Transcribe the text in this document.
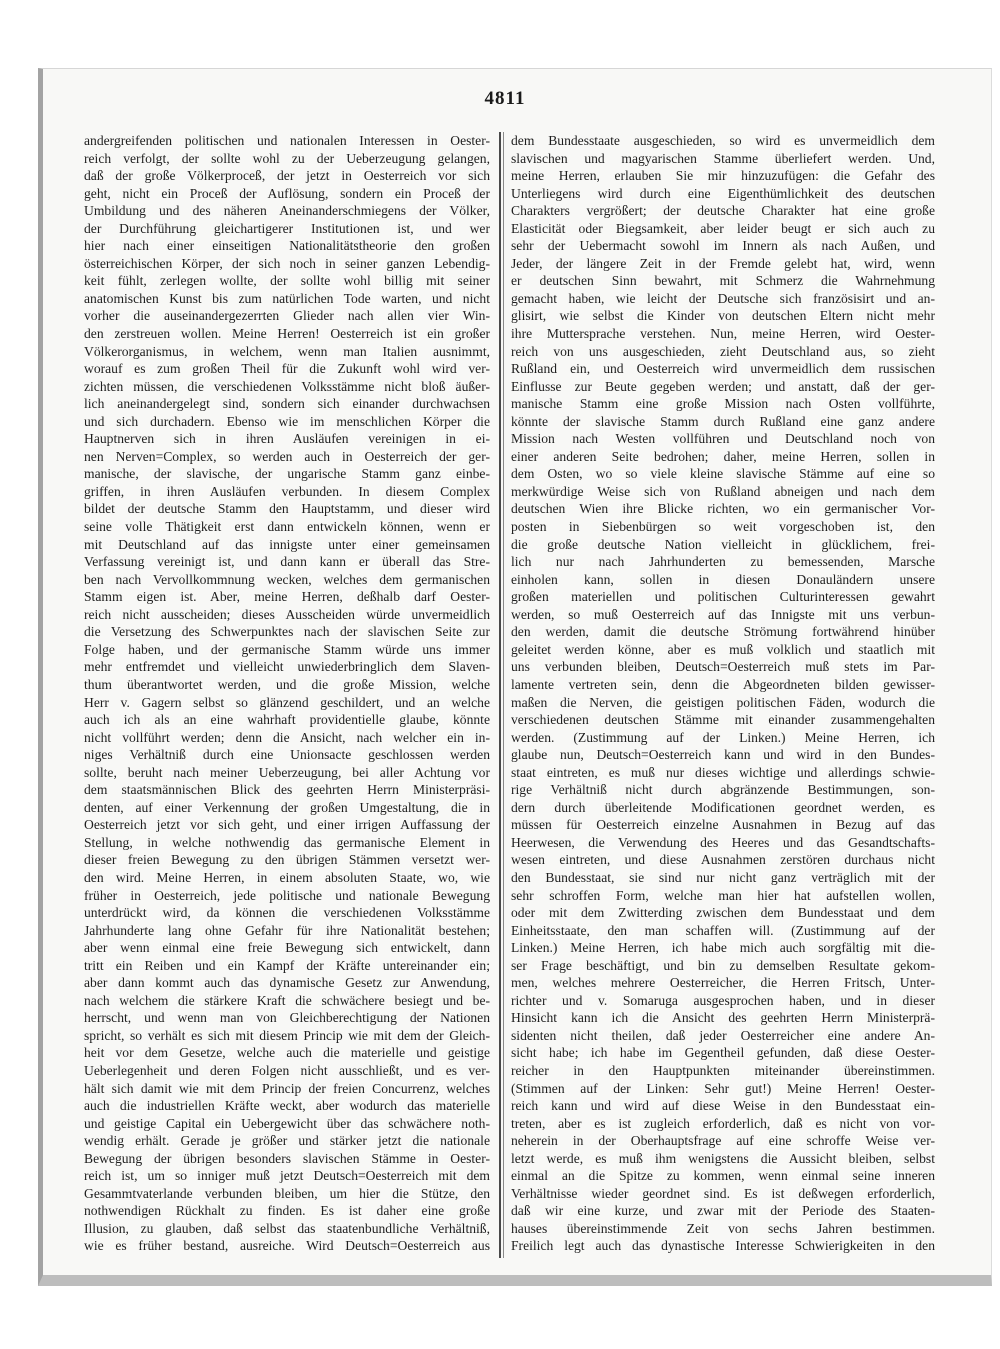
4811
andergreifenden politischen und nationalen Interessen in Oester-
reich verfolgt, der sollte wohl zu der Ueberzeugung gelangen,
daß der große Völkerproceß, der jetzt in Oesterreich vor sich
geht, nicht ein Proceß der Auflösung, sondern ein Proceß der
Umbildung und des näheren Aneinanderschmiegens der Völker,
der Durchführung gleichartigerer Institutionen ist, und wer
hier nach einer einseitigen Nationalitätstheorie den großen
österreichischen Körper, der sich noch in seiner ganzen Lebendig-
keit fühlt, zerlegen wollte, der sollte wohl billig mit seiner
anatomischen Kunst bis zum natürlichen Tode warten, und nicht
vorher die auseinandergezerrten Glieder nach allen vier Win-
den zerstreuen wollen. Meine Herren! Oesterreich ist ein großer
Völkerorganismus, in welchem, wenn man Italien ausnimmt,
worauf es zum großen Theil für die Zukunft wohl wird ver-
zichten müssen, die verschiedenen Volksstämme nicht bloß äußer-
lich aneinandergelegt sind, sondern sich einander durchwachsen
und sich durchadern. Ebenso wie im menschlichen Körper die
Hauptnerven sich in ihren Ausläufen vereinigen in ei-
nen Nerven=Complex, so werden auch in Oesterreich der ger-
manische, der slavische, der ungarische Stamm ganz einbe-
griffen, in ihren Ausläufen verbunden. In diesem Complex
bildet der deutsche Stamm den Hauptstamm, und dieser wird
seine volle Thätigkeit erst dann entwickeln können, wenn er
mit Deutschland auf das innigste unter einer gemeinsamen
Verfassung vereinigt ist, und dann kann er überall das Stre-
ben nach Vervollkommnung wecken, welches dem germanischen
Stamm eigen ist. Aber, meine Herren, deßhalb darf Oester-
reich nicht ausscheiden; dieses Ausscheiden würde unvermeidlich
die Versetzung des Schwerpunktes nach der slavischen Seite zur
Folge haben, und der germanische Stamm würde uns immer
mehr entfremdet und vielleicht unwiederbringlich dem Slaven-
thum überantwortet werden, und die große Mission, welche
Herr v. Gagern selbst so glänzend geschildert, und an welche
auch ich als an eine wahrhaft providentielle glaube, könnte
nicht vollführt werden; denn die Ansicht, nach welcher ein in-
niges Verhältniß durch eine Unionsacte geschlossen werden
sollte, beruht nach meiner Ueberzeugung, bei aller Achtung vor
dem staatsmännischen Blick des geehrten Herrn Ministerpräsi-
denten, auf einer Verkennung der großen Umgestaltung, die in
Oesterreich jetzt vor sich geht, und einer irrigen Auffassung der
Stellung, in welche nothwendig das germanische Element in
dieser freien Bewegung zu den übrigen Stämmen versetzt wer-
den wird. Meine Herren, in einem absoluten Staate, wo, wie
früher in Oesterreich, jede politische und nationale Bewegung
unterdrückt wird, da können die verschiedenen Volksstämme
Jahrhunderte lang ohne Gefahr für ihre Nationalität bestehen;
aber wenn einmal eine freie Bewegung sich entwickelt, dann
tritt ein Reiben und ein Kampf der Kräfte untereinander ein;
aber dann kommt auch das dynamische Gesetz zur Anwendung,
nach welchem die stärkere Kraft die schwächere besiegt und be-
herrscht, und wenn man von Gleichberechtigung der Nationen
spricht, so verhält es sich mit diesem Princip wie mit dem der Gleich-
heit vor dem Gesetze, welche auch die materielle und geistige
Ueberlegenheit und deren Folgen nicht ausschließt, und es ver-
hält sich damit wie mit dem Princip der freien Concurrenz, welches
auch die industriellen Kräfte weckt, aber wodurch das materielle
und geistige Capital ein Uebergewicht über das schwächere noth-
wendig erhält. Gerade je größer und stärker jetzt die nationale
Bewegung der übrigen besonders slavischen Stämme in Oester-
reich ist, um so inniger muß jetzt Deutsch=Oesterreich mit dem
Gesammtvaterlande verbunden bleiben, um hier die Stütze, den
nothwendigen Rückhalt zu finden. Es ist daher eine große
Illusion, zu glauben, daß selbst das staatenbundliche Verhältniß,
wie es früher bestand, ausreiche. Wird Deutsch=Oesterreich aus
dem Bundesstaate ausgeschieden, so wird es unvermeidlich dem
slavischen und magyarischen Stamme überliefert werden. Und,
meine Herren, erlauben Sie mir hinzuzufügen: die Gefahr des
Unterliegens wird durch eine Eigenthümlichkeit des deutschen
Charakters vergrößert; der deutsche Charakter hat eine große
Elasticität oder Biegsamkeit, aber leider beugt er sich auch zu
sehr der Uebermacht sowohl im Innern als nach Außen, und
Jeder, der längere Zeit in der Fremde gelebt hat, wird, wenn
er deutschen Sinn bewahrt, mit Schmerz die Wahrnehmung
gemacht haben, wie leicht der Deutsche sich französisirt und an-
glisirt, wie selbst die Kinder von deutschen Eltern nicht mehr
ihre Muttersprache verstehen. Nun, meine Herren, wird Oester-
reich von uns ausgeschieden, zieht Deutschland aus, so zieht
Rußland ein, und Oesterreich wird unvermeidlich dem russischen
Einflusse zur Beute gegeben werden; und anstatt, daß der ger-
manische Stamm eine große Mission nach Osten vollführte,
könnte der slavische Stamm durch Rußland eine ganz andere
Mission nach Westen vollführen und Deutschland noch von
einer anderen Seite bedrohen; daher, meine Herren, sollen in
dem Osten, wo so viele kleine slavische Stämme auf eine so
merkwürdige Weise sich von Rußland abneigen und nach dem
deutschen Wien ihre Blicke richten, wo ein germanischer Vor-
posten in Siebenbürgen so weit vorgeschoben ist, den
die große deutsche Nation vielleicht in glücklichem, frei-
lich nur nach Jahrhunderten zu bemessenden, Marsche
einholen kann, sollen in diesen Donauländern unsere
großen materiellen und politischen Culturinteressen gewahrt
werden, so muß Oesterreich auf das Innigste mit uns verbun-
den werden, damit die deutsche Strömung fortwährend hinüber
geleitet werden könne, aber es muß volklich und staatlich mit
uns verbunden bleiben, Deutsch=Oesterreich muß stets im Par-
lamente vertreten sein, denn die Abgeordneten bilden gewisser-
maßen die Nerven, die geistigen politischen Fäden, wodurch die
verschiedenen deutschen Stämme mit einander zusammengehalten
werden. (Zustimmung auf der Linken.) Meine Herren, ich
glaube nun, Deutsch=Oesterreich kann und wird in den Bundes-
staat eintreten, es muß nur dieses wichtige und allerdings schwie-
rige Verhältniß nicht durch abgränzende Bestimmungen, son-
dern durch überleitende Modificationen geordnet werden, es
müssen für Oesterreich einzelne Ausnahmen in Bezug auf das
Heerwesen, die Verwendung des Heeres und das Gesandtschafts-
wesen eintreten, und diese Ausnahmen zerstören durchaus nicht
den Bundesstaat, sie sind nur nicht ganz verträglich mit der
sehr schroffen Form, welche man hier hat aufstellen wollen,
oder mit dem Zwitterding zwischen dem Bundesstaat und dem
Einheitsstaate, den man schaffen will. (Zustimmung auf der
Linken.) Meine Herren, ich habe mich auch sorgfältig mit die-
ser Frage beschäftigt, und bin zu demselben Resultate gekom-
men, welches mehrere Oesterreicher, die Herren Fritsch, Unter-
richter und v. Somaruga ausgesprochen haben, und in dieser
Hinsicht kann ich die Ansicht des geehrten Herrn Ministerprä-
sidenten nicht theilen, daß jeder Oesterreicher eine andere An-
sicht habe; ich habe im Gegentheil gefunden, daß diese Oester-
reicher in den Hauptpunkten miteinander übereinstimmen.
(Stimmen auf der Linken: Sehr gut!) Meine Herren! Oester-
reich kann und wird auf diese Weise in den Bundesstaat ein-
treten, aber es ist zugleich erforderlich, daß es nicht von vor-
neherein in der Oberhauptsfrage auf eine schroffe Weise ver-
letzt werde, es muß ihm wenigstens die Aussicht bleiben, selbst
einmal an die Spitze zu kommen, wenn einmal seine inneren
Verhältnisse wieder geordnet sind. Es ist deßwegen erforderlich,
daß wir eine kurze, und zwar mit der Periode des Staaten-
hauses übereinstimmende Zeit von sechs Jahren bestimmen.
Freilich legt auch das dynastische Interesse Schwierigkeiten in den
